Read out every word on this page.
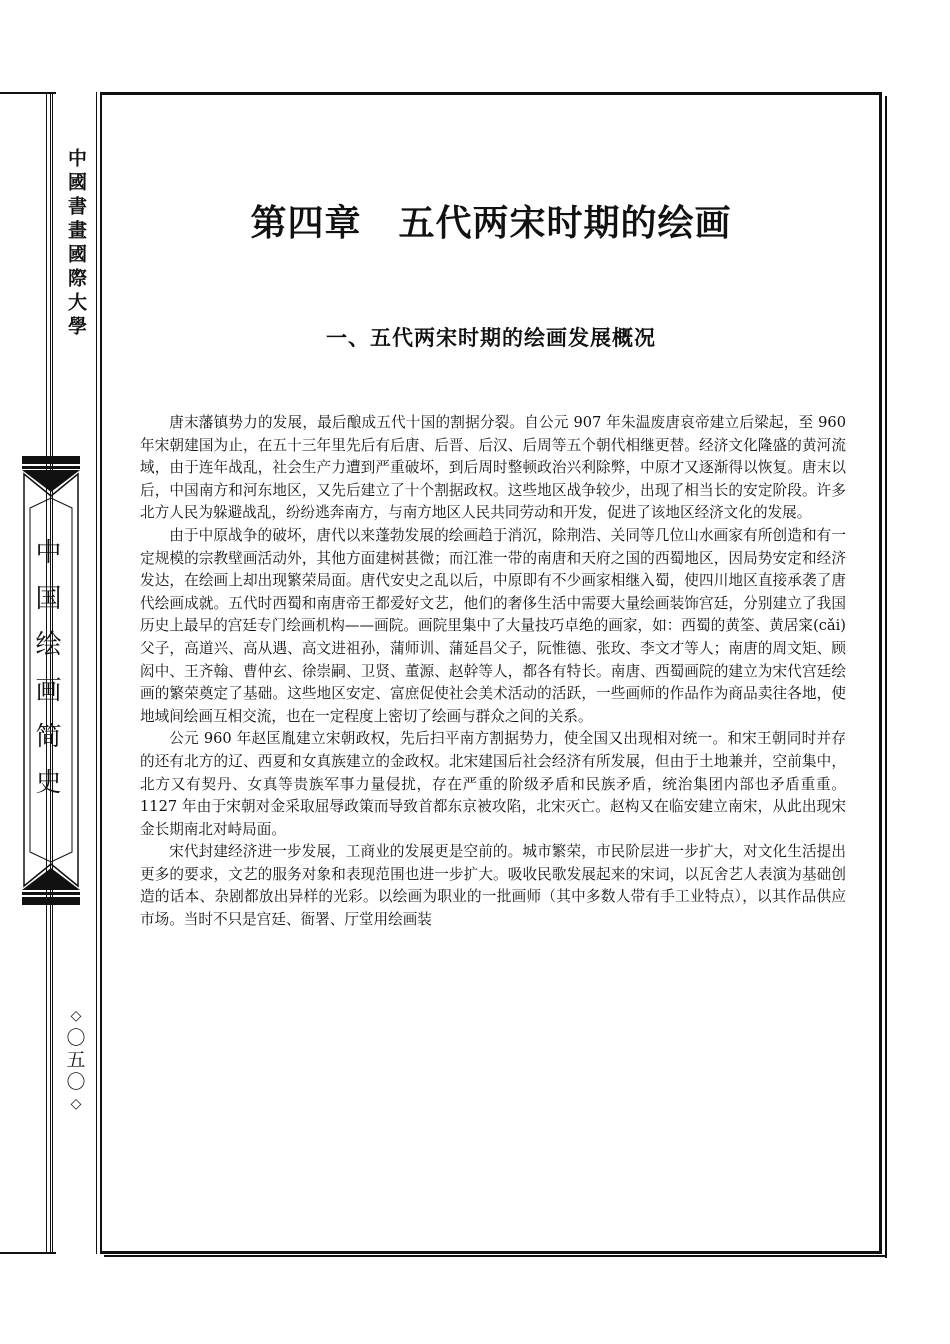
中國書畫國際大學
中国绘画简史
◇
〇
五
〇
◇
第四章　五代两宋时期的绘画
一、五代两宋时期的绘画发展概况

唐末藩镇势力的发展，最后酿成五代十国的割据分裂。自公元 907 年朱温废唐哀帝建立后梁起，至 960 年宋朝建国为止，在五十三年里先后有后唐、后晋、后汉、后周等五个朝代相继更替。经济文化隆盛的黄河流域，由于连年战乱，社会生产力遭到严重破坏，到后周时整顿政治兴利除弊，中原才又逐渐得以恢复。唐末以后，中国南方和河东地区，又先后建立了十个割据政权。这些地区战争较少，出现了相当长的安定阶段。许多北方人民为躲避战乱，纷纷逃奔南方，与南方地区人民共同劳动和开发，促进了该地区经济文化的发展。

由于中原战争的破坏，唐代以来蓬勃发展的绘画趋于消沉，除荆浩、关同等几位山水画家有所创造和有一定规模的宗教壁画活动外，其他方面建树甚微；而江淮一带的南唐和天府之国的西蜀地区，因局势安定和经济发达，在绘画上却出现繁荣局面。唐代安史之乱以后，中原即有不少画家相继入蜀，使四川地区直接承袭了唐代绘画成就。五代时西蜀和南唐帝王都爱好文艺，他们的奢侈生活中需要大量绘画装饰宫廷，分别建立了我国历史上最早的宫廷专门绘画机构——画院。画院里集中了大量技巧卓绝的画家，如：西蜀的黄筌、黄居寀(cǎi)父子，高道兴、高从遇、高文进祖孙，蒲师训、蒲延昌父子，阮惟德、张玫、李文才等人；南唐的周文矩、顾闳中、王齐翰、曹仲玄、徐崇嗣、卫贤、董源、赵幹等人，都各有特长。南唐、西蜀画院的建立为宋代宫廷绘画的繁荣奠定了基础。这些地区安定、富庶促使社会美术活动的活跃，一些画师的作品作为商品卖往各地，使地域间绘画互相交流，也在一定程度上密切了绘画与群众之间的关系。

公元 960 年赵匡胤建立宋朝政权，先后扫平南方割据势力，使全国又出现相对统一。和宋王朝同时并存的还有北方的辽、西夏和女真族建立的金政权。北宋建国后社会经济有所发展，但由于土地兼并，空前集中，北方又有契丹、女真等贵族军事力量侵扰，存在严重的阶级矛盾和民族矛盾，统治集团内部也矛盾重重。1127 年由于宋朝对金采取屈辱政策而导致首都东京被攻陷，北宋灭亡。赵构又在临安建立南宋，从此出现宋金长期南北对峙局面。

宋代封建经济进一步发展，工商业的发展更是空前的。城市繁荣，市民阶层进一步扩大，对文化生活提出更多的要求，文艺的服务对象和表现范围也进一步扩大。吸收民歌发展起来的宋词，以瓦舍艺人表演为基础创造的话本、杂剧都放出异样的光彩。以绘画为职业的一批画师（其中多数人带有手工业特点），以其作品供应市场。当时不只是宫廷、衙署、厅堂用绘画装
